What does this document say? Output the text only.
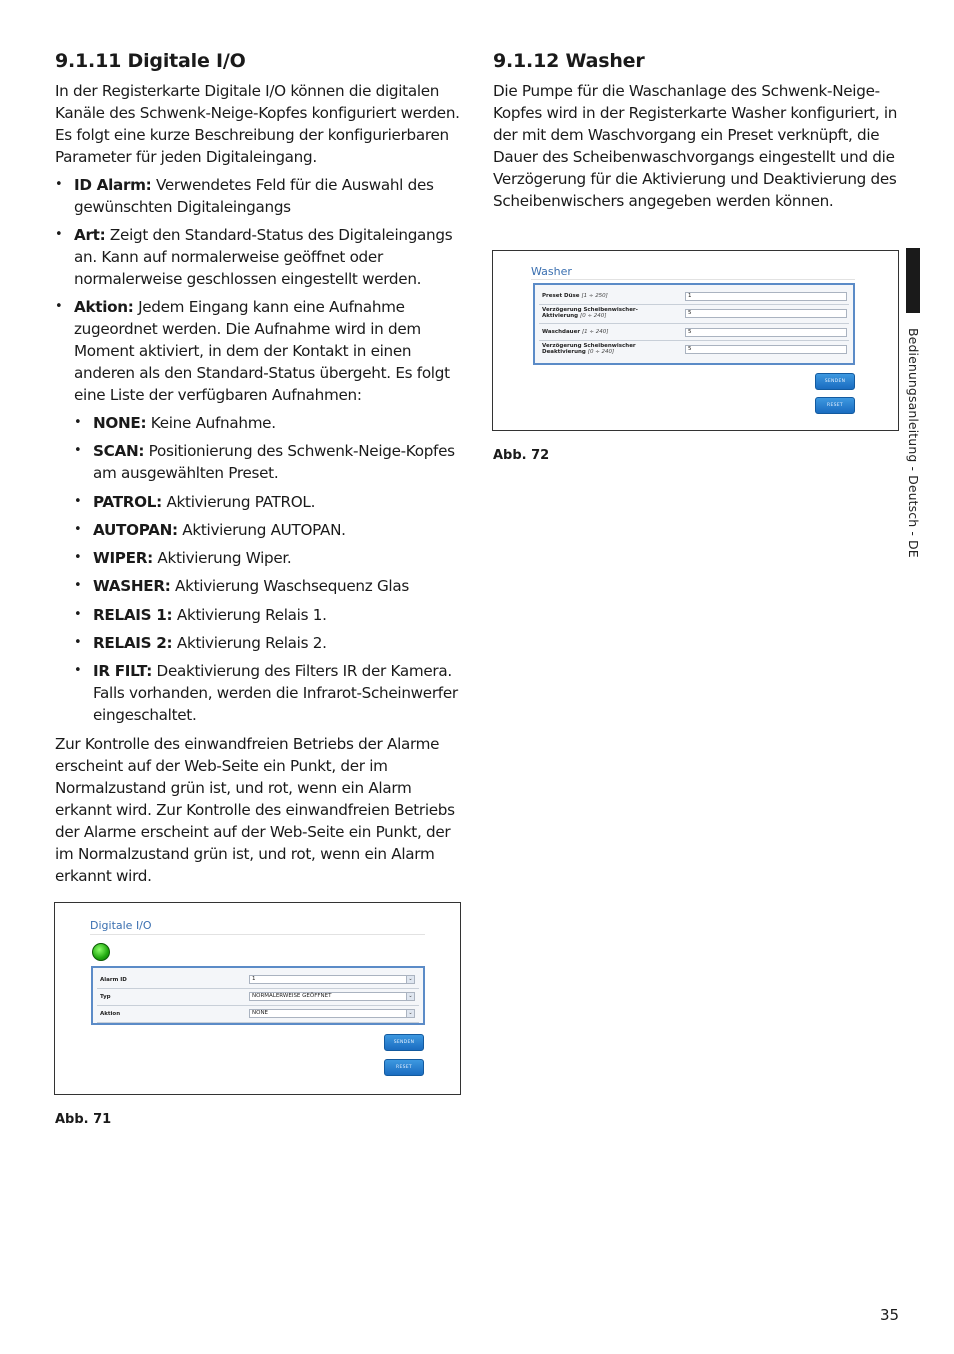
9.1.11 Digitale I/O

In der Registerkarte Digitale I/O können die digitalen Kanäle des Schwenk-Neige-Kopfes konfiguriert werden. Es folgt eine kurze Beschreibung der konfigurierbaren Parameter für jeden Digitaleingang.

• ID Alarm: Verwendetes Feld für die Auswahl des gewünschten Digitaleingangs
• Art: Zeigt den Standard-Status des Digitaleingangs an. Kann auf normalerweise geöffnet oder normalerweise geschlossen eingestellt werden.
• Aktion: Jedem Eingang kann eine Aufnahme zugeordnet werden. Die Aufnahme wird in dem Moment aktiviert, in dem der Kontakt in einen anderen als den Standard-Status übergeht. Es folgt eine Liste der verfügbaren Aufnahmen:
• NONE: Keine Aufnahme.
• SCAN: Positionierung des Schwenk-Neige-Kopfes am ausgewählten Preset.
• PATROL: Aktivierung PATROL.
• AUTOPAN: Aktivierung AUTOPAN.
• WIPER: Aktivierung Wiper.
• WASHER: Aktivierung Waschsequenz Glas
• RELAIS 1: Aktivierung Relais 1.
• RELAIS 2: Aktivierung Relais 2.
• IR FILT: Deaktivierung des Filters IR der Kamera. Falls vorhanden, werden die Infrarot-Scheinwerfer eingeschaltet.

Zur Kontrolle des einwandfreien Betriebs der Alarme erscheint auf der Web-Seite ein Punkt, der im Normalzustand grün ist, und rot, wenn ein Alarm erkannt wird. Zur Kontrolle des einwandfreien Betriebs der Alarme erscheint auf der Web-Seite ein Punkt, der im Normalzustand grün ist, und rot, wenn ein Alarm erkannt wird.

Digitale I/O
Alarm ID	1	⌄
Typ	NORMALERWEISE GEÖFFNET	⌄
Aktion	NONE	⌄
SENDEN
RESET
Abb. 71
9.1.12 Washer

Die Pumpe für die Waschanlage des Schwenk-Neige-Kopfes wird in der Registerkarte Washer konfiguriert, in der mit dem Waschvorgang ein Preset verknüpft, die Dauer des Scheibenwaschvorgangs eingestellt und die Verzögerung für die Aktivierung und Deaktivierung des Scheibenwischers angegeben werden können.

Washer
Preset Düse [1 ÷ 250]	1
Verzögerung Scheibenwischer-Aktivierung [0 ÷ 240]	5
Waschdauer [1 ÷ 240]	5
Verzögerung Scheibenwischer Deaktivierung [0 ÷ 240]	5
SENDEN
RESET
Abb. 72	Bedienungsanleitung - Deutsch - DE
35
